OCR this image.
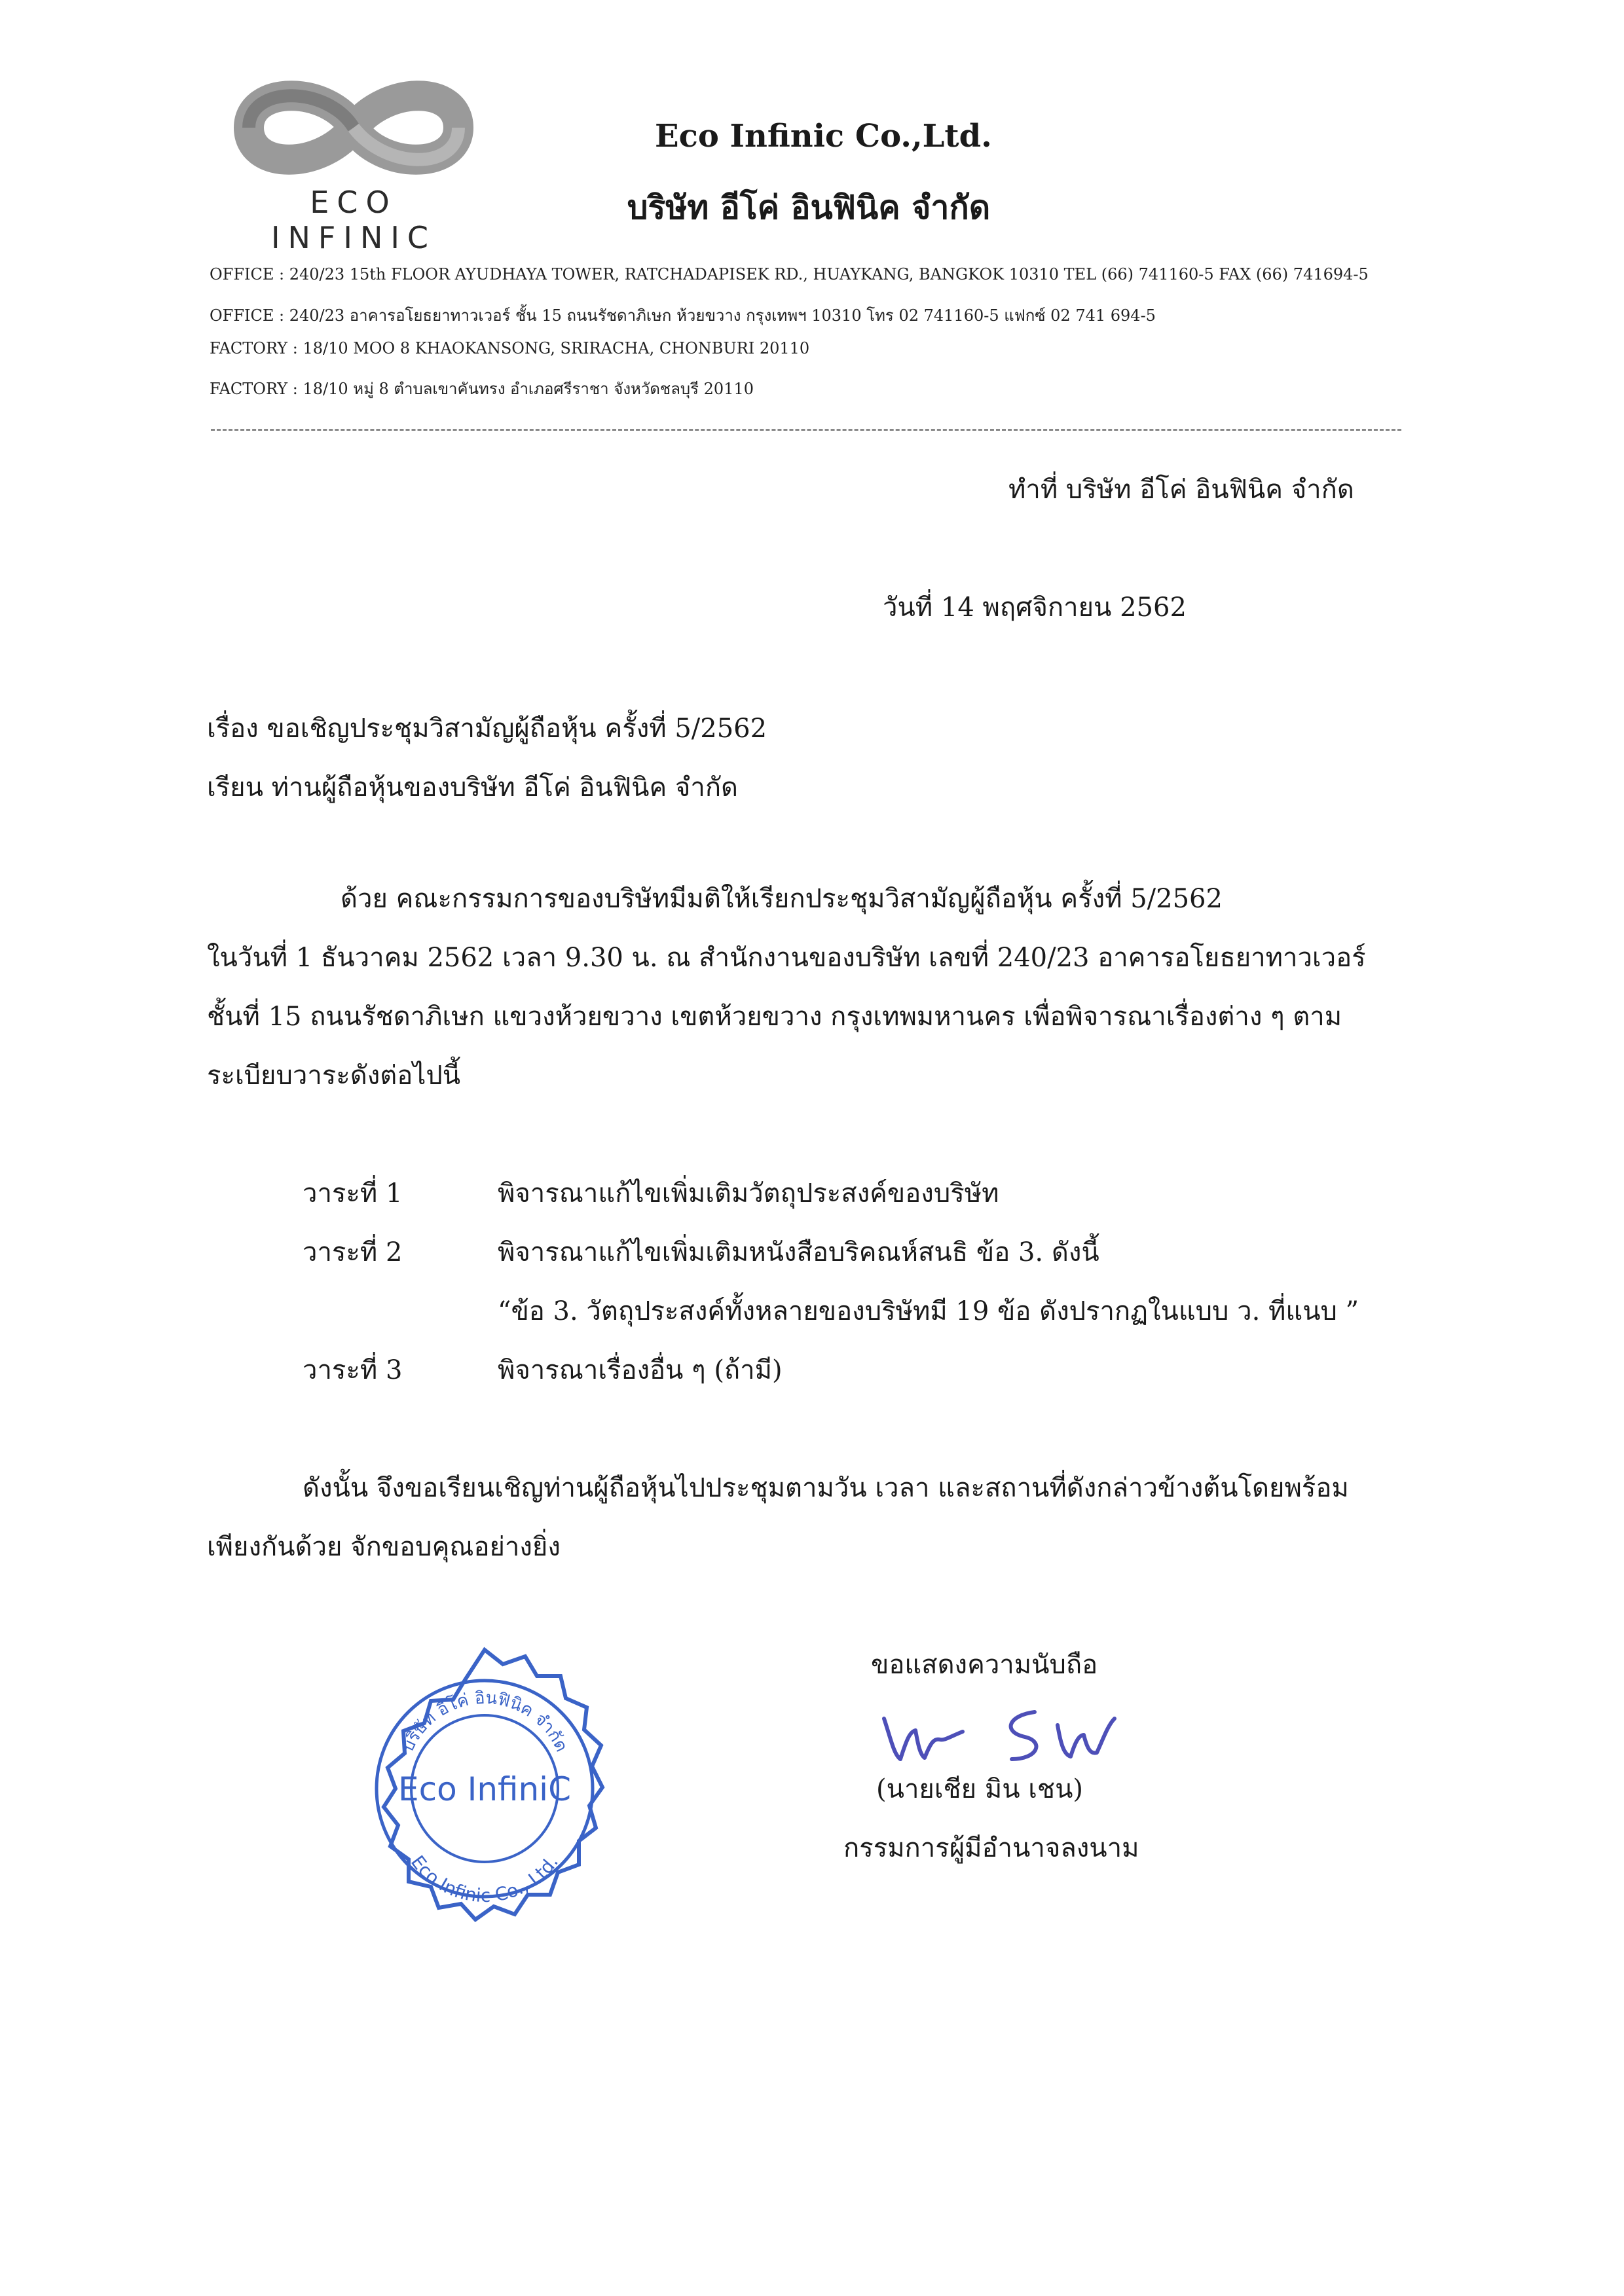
ECO INFINIC
Eco Infinic Co.,Ltd.
บริษัท อีโค่ อินฟินิค จำกัด
OFFICE : 240/23 15th FLOOR AYUDHAYA TOWER, RATCHADAPISEK RD., HUAYKANG, BANGKOK 10310 TEL (66) 741160-5 FAX (66) 741694-5
OFFICE : 240/23 อาคารอโยธยาทาวเวอร์ ชั้น 15 ถนนรัชดาภิเษก ห้วยขวาง กรุงเทพฯ 10310 โทร 02 741160-5 แฟกซ์ 02 741 694-5
FACTORY : 18/10 MOO 8 KHAOKANSONG, SRIRACHA, CHONBURI 20110
FACTORY : 18/10 หมู่ 8 ตำบลเขาคันทรง อำเภอศรีราชา จังหวัดชลบุรี 20110
ทำที่ บริษัท อีโค่ อินฟินิค จำกัด
วันที่ 14 พฤศจิกายน 2562
เรื่อง ขอเชิญประชุมวิสามัญผู้ถือหุ้น ครั้งที่ 5/2562
เรียน ท่านผู้ถือหุ้นของบริษัท อีโค่ อินฟินิค จำกัด
ด้วย คณะกรรมการของบริษัทมีมติให้เรียกประชุมวิสามัญผู้ถือหุ้น ครั้งที่ 5/2562
ในวันที่ 1 ธันวาคม 2562 เวลา 9.30 น. ณ สำนักงานของบริษัท เลขที่ 240/23 อาคารอโยธยาทาวเวอร์
ชั้นที่ 15 ถนนรัชดาภิเษก แขวงห้วยขวาง เขตห้วยขวาง กรุงเทพมหานคร เพื่อพิจารณาเรื่องต่าง ๆ ตาม
ระเบียบวาระดังต่อไปนี้
วาระที่ 1	พิจารณาแก้ไขเพิ่มเติมวัตถุประสงค์ของบริษัท
วาระที่ 2	พิจารณาแก้ไขเพิ่มเติมหนังสือบริคณห์สนธิ ข้อ 3. ดังนี้
“ข้อ 3. วัตถุประสงค์ทั้งหลายของบริษัทมี 19 ข้อ ดังปรากฏในแบบ ว. ที่แนบ ”
วาระที่ 3	พิจารณาเรื่องอื่น ๆ (ถ้ามี)
ดังนั้น จึงขอเรียนเชิญท่านผู้ถือหุ้นไปประชุมตามวัน เวลา และสถานที่ดังกล่าวข้างต้นโดยพร้อม
เพียงกันด้วย จักขอบคุณอย่างยิ่ง
ขอแสดงความนับถือ
(นายเชีย มิน เชน)
กรรมการผู้มีอำนาจลงนาม
Eco InfiniC
บริษัท อีโค่ อินฟินิค จำกัด
Eco Infinic Co., Ltd.
